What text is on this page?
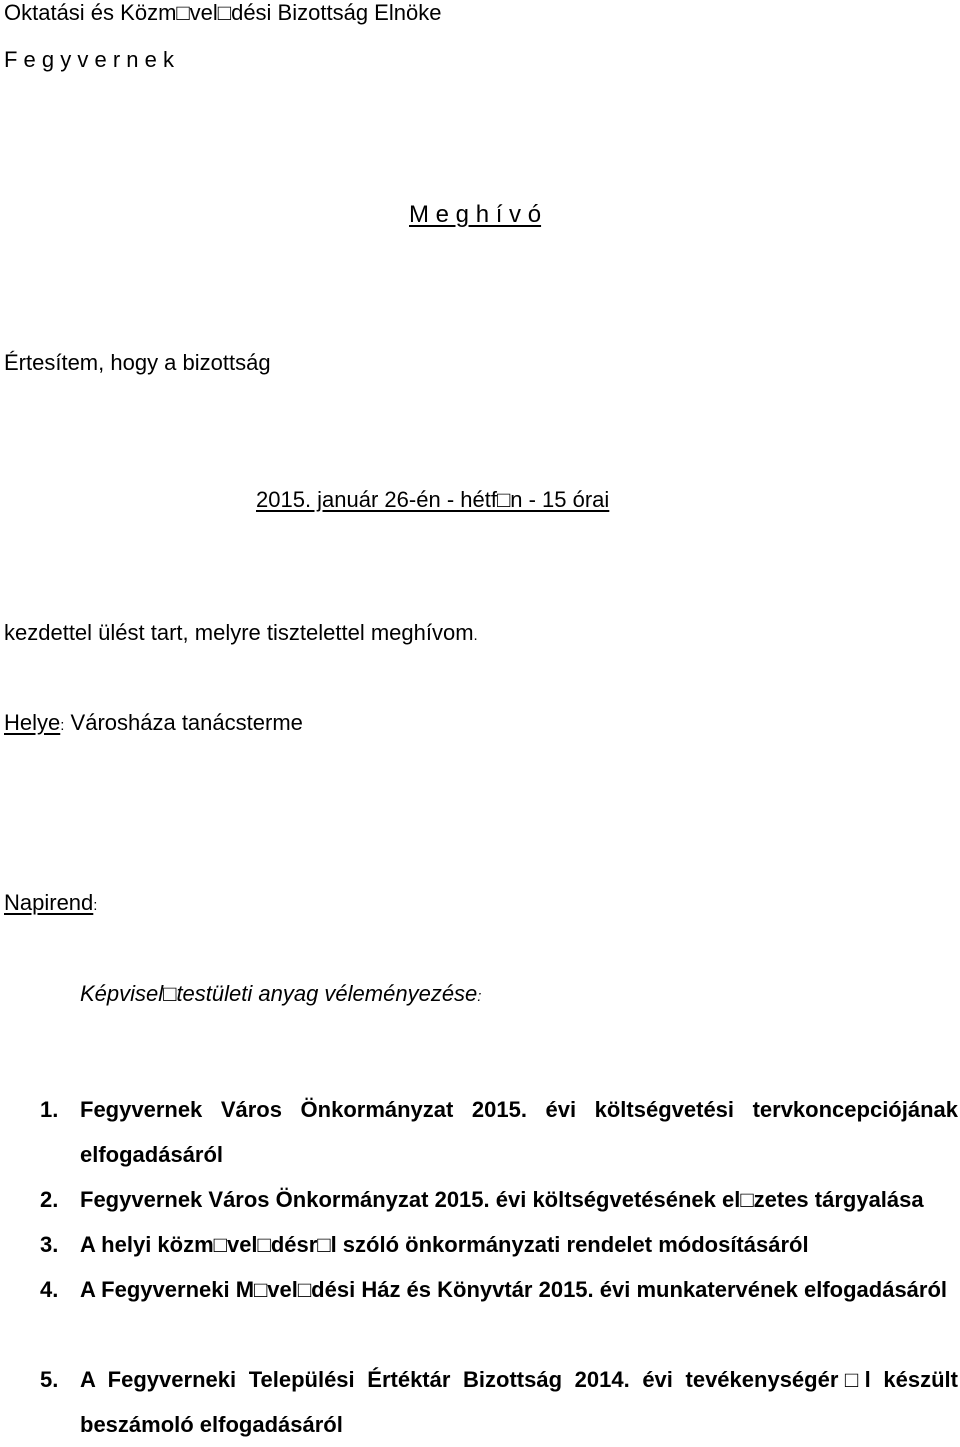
Oktatási és Közm□vel□dési Bizottság Elnöke
F e g y v e r n e k
M e g h í v ó
Értesítem, hogy a bizottság
2015. január 26-én - hétf□n - 15 órai
kezdettel ülést tart, melyre tisztelettel meghívom.
Helye: Városháza tanácsterme
Napirend:
Képvisel□testületi anyag véleményezése:
1. Fegyvernek Város Önkormányzat 2015. évi költségvetési tervkoncepciójának elfogadásáról
2. Fegyvernek Város Önkormányzat 2015. évi költségvetésének el□zetes tárgyalása
3. A helyi közm□vel□désr□l szóló önkormányzati rendelet módosításáról
4. A Fegyverneki M□vel□dési Ház és Könyvtár 2015. évi munkatervének elfogadásáról
5. A Fegyverneki Települési Értéktár Bizottság 2014. évi tevékenységér□l készült beszámoló elfogadásáról
